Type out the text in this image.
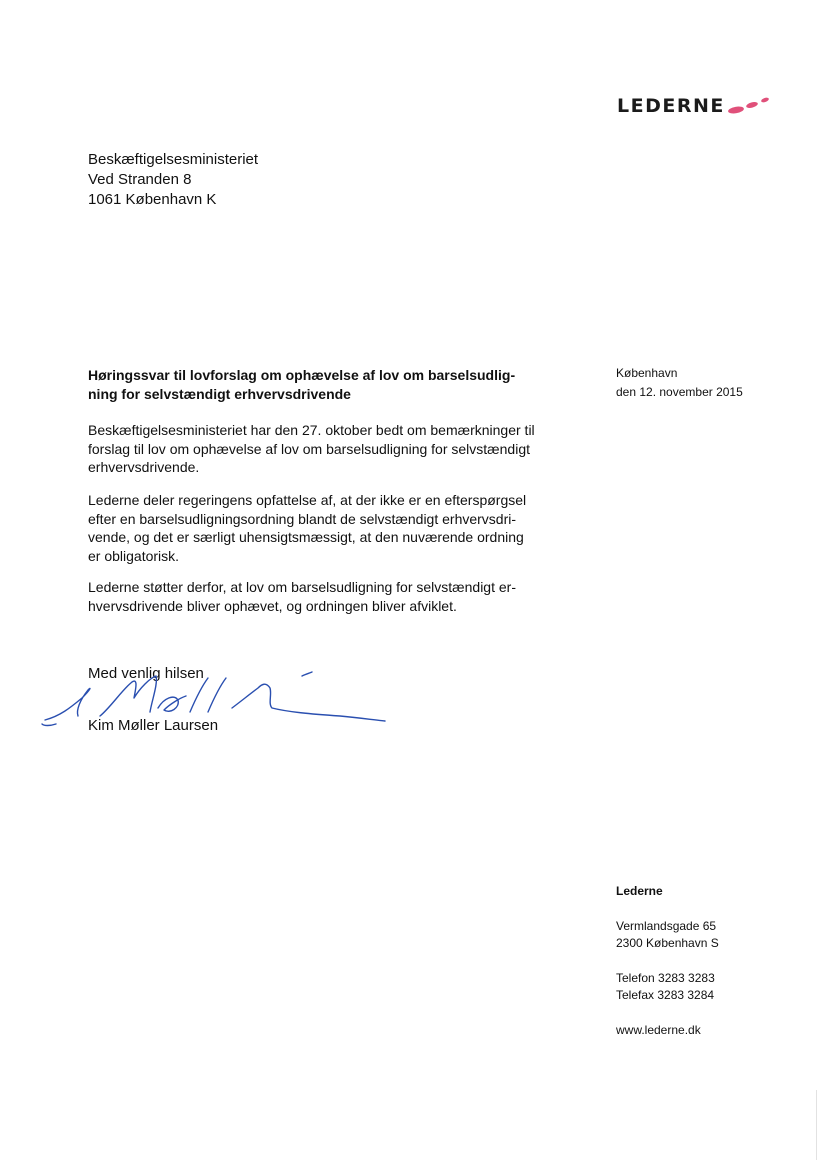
LEDERNE
Beskæftigelsesministeriet
Ved Stranden 8
1061 København K
København
den 12. november 2015
Høringssvar til lovforslag om ophævelse af lov om barselsudlig-
ning for selvstændigt erhvervsdrivende
Beskæftigelsesministeriet har den 27. oktober bedt om bemærkninger til
forslag til lov om ophævelse af lov om barselsudligning for selvstændigt
erhvervsdrivende.
Lederne deler regeringens opfattelse af, at der ikke er en efterspørgsel
efter en barselsudligningsordning blandt de selvstændigt erhvervsdri-
vende, og det er særligt uhensigtsmæssigt, at den nuværende ordning
er obligatorisk.
Lederne støtter derfor, at lov om barselsudligning for selvstændigt er-
hvervsdrivende bliver ophævet, og ordningen bliver afviklet.
Med venlig hilsen
Kim Møller Laursen
Lederne
Vermlandsgade 65
2300 København S
Telefon 3283 3283
Telefax 3283 3284
www.lederne.dk
